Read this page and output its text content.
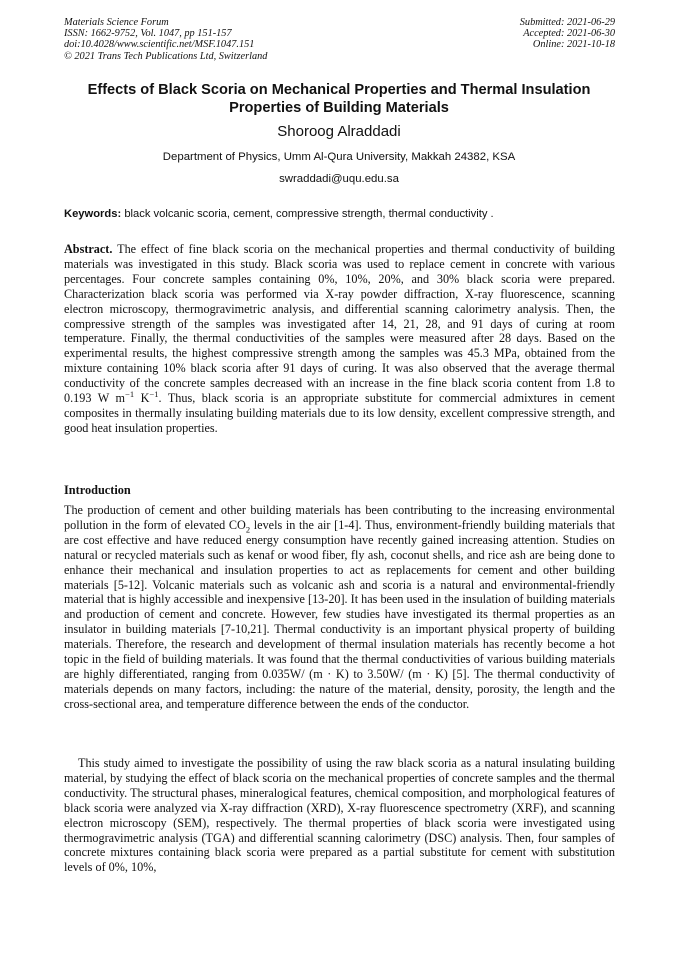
Materials Science Forum
ISSN: 1662-9752, Vol. 1047, pp 151-157
doi:10.4028/www.scientific.net/MSF.1047.151
© 2021 Trans Tech Publications Ltd, Switzerland
Submitted: 2021-06-29
Accepted: 2021-06-30
Online: 2021-10-18
Effects of Black Scoria on Mechanical Properties and Thermal Insulation Properties of Building Materials
Shoroog Alraddadi
Department of Physics, Umm Al-Qura University, Makkah 24382, KSA
swraddadi@uqu.edu.sa
Keywords: black volcanic scoria, cement, compressive strength, thermal conductivity .

Abstract. The effect of fine black scoria on the mechanical properties and thermal conductivity of building materials was investigated in this study. Black scoria was used to replace cement in concrete with various percentages. Four concrete samples containing 0%, 10%, 20%, and 30% black scoria were prepared. Characterization black scoria was performed via X-ray powder diffraction, X-ray fluorescence, scanning electron microscopy, thermogravimetric analysis, and differential scanning calorimetry analysis. Then, the compressive strength of the samples was investigated after 14, 21, 28, and 91 days of curing at room temperature. Finally, the thermal conductivities of the samples were measured after 28 days. Based on the experimental results, the highest compressive strength among the samples was 45.3 MPa, obtained from the mixture containing 10% black scoria after 91 days of curing. It was also observed that the average thermal conductivity of the concrete samples decreased with an increase in the fine black scoria content from 1.8 to 0.193 W $m^{-1}$ $K^{-1}$. Thus, black scoria is an appropriate substitute for commercial admixtures in cement composites in thermally insulating building materials due to its low density, excellent compressive strength, and good heat insulation properties.

Introduction

The production of cement and other building materials has been contributing to the increasing environmental pollution in the form of elevated $CO_2$ levels in the air [1-4]. Thus, environment-friendly building materials that are cost effective and have reduced energy consumption have recently gained increasing attention. Studies on natural or recycled materials such as kenaf or wood fiber, fly ash, coconut shells, and rice ash are being done to enhance their mechanical and insulation properties to act as replacements for cement and other building materials [5-12]. Volcanic materials such as volcanic ash and scoria is a natural and environmental-friendly material that is highly accessible and inexpensive [13-20]. It has been used in the insulation of building materials and production of cement and concrete. However, few studies have investigated its thermal properties as an insulator in building materials [7-10,21]. Thermal conductivity is an important physical property of building materials. Therefore, the research and development of thermal insulation materials has recently become a hot topic in the field of building materials. It was found that the thermal conductivities of various building materials are highly differentiated, ranging from 0.035W/ (m · K) to 3.50W/ (m · K) [5]. The thermal conductivity of materials depends on many factors, including: the nature of the material, density, porosity, the length and the cross-sectional area, and temperature difference between the ends of the conductor.

This study aimed to investigate the possibility of using the raw black scoria as a natural insulating building material, by studying the effect of black scoria on the mechanical properties of concrete samples and the thermal conductivity. The structural phases, mineralogical features, chemical composition, and morphological features of black scoria were analyzed via X-ray diffraction (XRD), X-ray fluorescence spectrometry (XRF), and scanning electron microscopy (SEM), respectively. The thermal properties of black scoria were investigated using thermogravimetric analysis (TGA) and differential scanning calorimetry (DSC) analysis. Then, four samples of concrete mixtures containing black scoria were prepared as a partial substitute for cement with substitution levels of 0%, 10%,
